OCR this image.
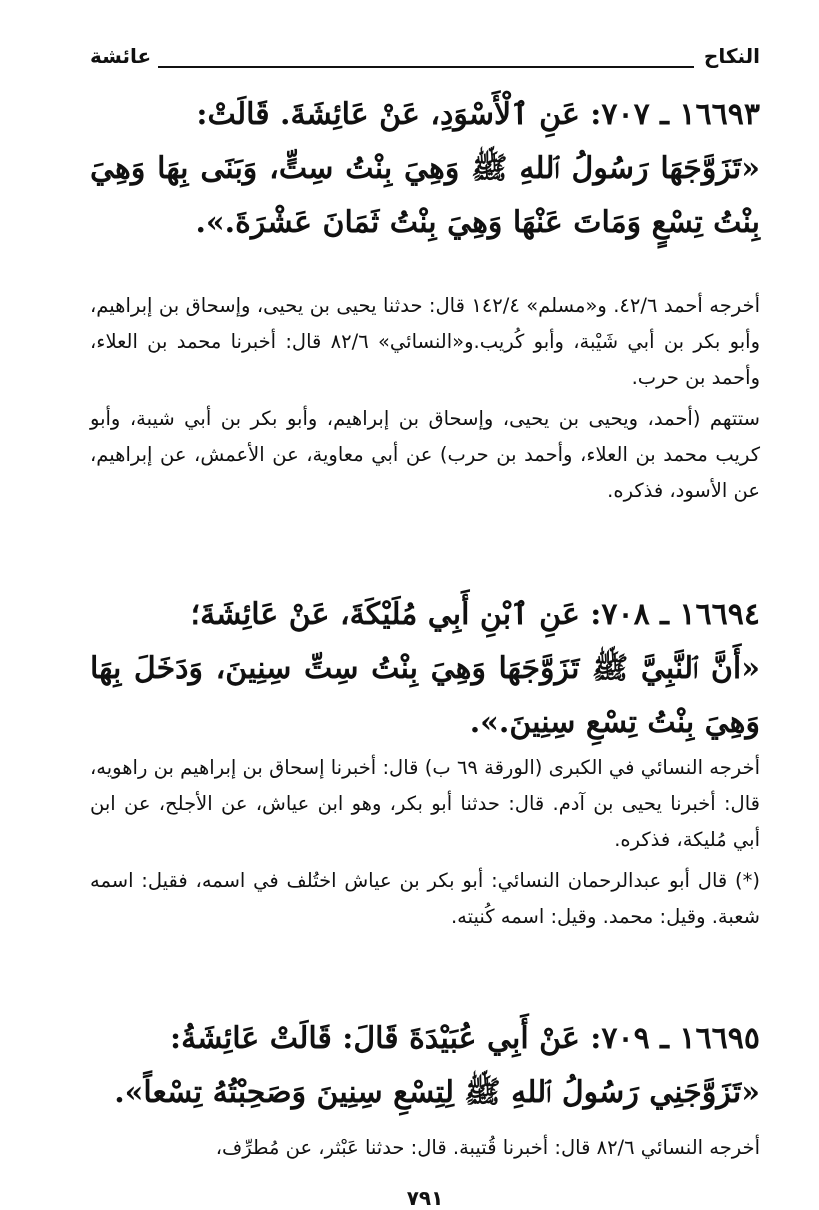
النكاح
عائشة

١٦٦٩٣ ـ ٧٠٧: عَنِ ٱلْأَسْوَدِ، عَنْ عَائِشَةَ. قَالَتْ:

«تَزَوَّجَهَا رَسُولُ ٱللهِ ﷺ وَهِيَ بِنْتُ سِتٍّ، وَبَنَى بِهَا وَهِيَ بِنْتُ تِسْعٍ وَمَاتَ عَنْهَا وَهِيَ بِنْتُ ثَمَانَ عَشْرَةَ.».

أخرجه أحمد ٤٢/٦. و«مسلم» ١٤٢/٤ قال: حدثنا يحيى بن يحيى، وإسحاق بن إبراهيم، وأبو بكر بن أبي شَيْبة، وأبو كُريب.و«النسائي» ٨٢/٦ قال: أخبرنا محمد بن العلاء، وأحمد بن حرب.

ستتهم (أحمد، ويحيى بن يحيى، وإسحاق بن إبراهيم، وأبو بكر بن أبي شيبة، وأبو كريب محمد بن العلاء، وأحمد بن حرب) عن أبي معاوية، عن الأعمش، عن إبراهيم، عن الأسود، فذكره.

١٦٦٩٤ ـ ٧٠٨: عَنِ ٱبْنِ أَبِي مُلَيْكَةَ، عَنْ عَائِشَةَ؛

«أَنَّ ٱلنَّبِيَّ ﷺ تَزَوَّجَهَا وَهِيَ بِنْتُ سِتِّ سِنِينَ، وَدَخَلَ بِهَا وَهِيَ بِنْتُ تِسْعِ سِنِينَ.».

أخرجه النسائي في الكبرى (الورقة ٦٩ ب) قال: أخبرنا إسحاق بن إبراهيم بن راهويه، قال: أخبرنا يحيى بن آدم. قال: حدثنا أبو بكر، وهو ابن عياش، عن الأجلح، عن ابن أبي مُليكة، فذكره.

(*) قال أبو عبدالرحمان النسائي: أبو بكر بن عياش اختُلف في اسمه، فقيل: اسمه شعبة. وقيل: محمد. وقيل: اسمه كُنيته.

١٦٦٩٥ ـ ٧٠٩: عَنْ أَبِي عُبَيْدَةَ قَالَ: قَالَتْ عَائِشَةُ:

«تَزَوَّجَنِي رَسُولُ ٱللهِ ﷺ لِتِسْعِ سِنِينَ وَصَحِبْتُهُ تِسْعاً».

أخرجه النسائي ٨٢/٦ قال: أخبرنا قُتيبة. قال: حدثنا عَبْثر، عن مُطرِّف،

٧٩١
